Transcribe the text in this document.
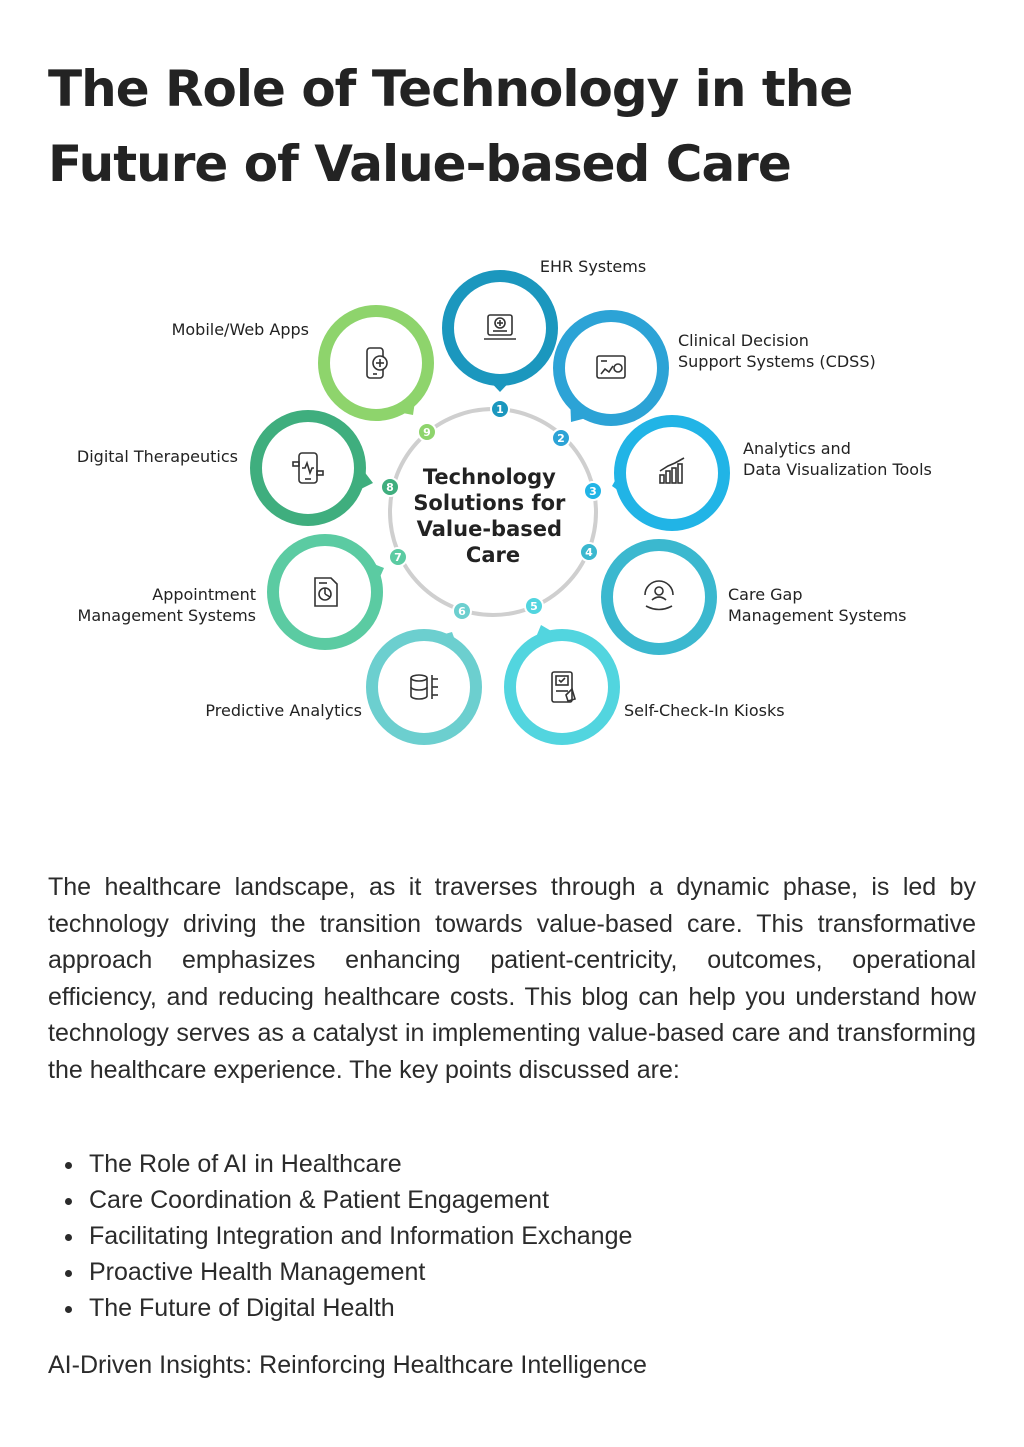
The Role of Technology in the
Future of Value-based Care
Technology Solutions for Value-based Care
1
EHR Systems
2
Clinical Decision Support Systems (CDSS)
3
Analytics and Data Visualization Tools
4
Care Gap Management Systems
5
Self-Check-In Kiosks
6
Predictive Analytics
7
Appointment Management Systems
8
Digital Therapeutics
9
Mobile/Web Apps

The healthcare landscape, as it traverses through a dynamic phase, is led by technology driving the transition towards value-based care. This transformative approach emphasizes enhancing patient-centricity, outcomes, operational efficiency, and reducing healthcare costs. This blog can help you understand how technology serves as a catalyst in implementing value-based care and transforming the healthcare experience. The key points discussed are:

The Role of AI in Healthcare
Care Coordination & Patient Engagement
Facilitating Integration and Information Exchange
Proactive Health Management
The Future of Digital Health
AI-Driven Insights: Reinforcing Healthcare Intelligence
